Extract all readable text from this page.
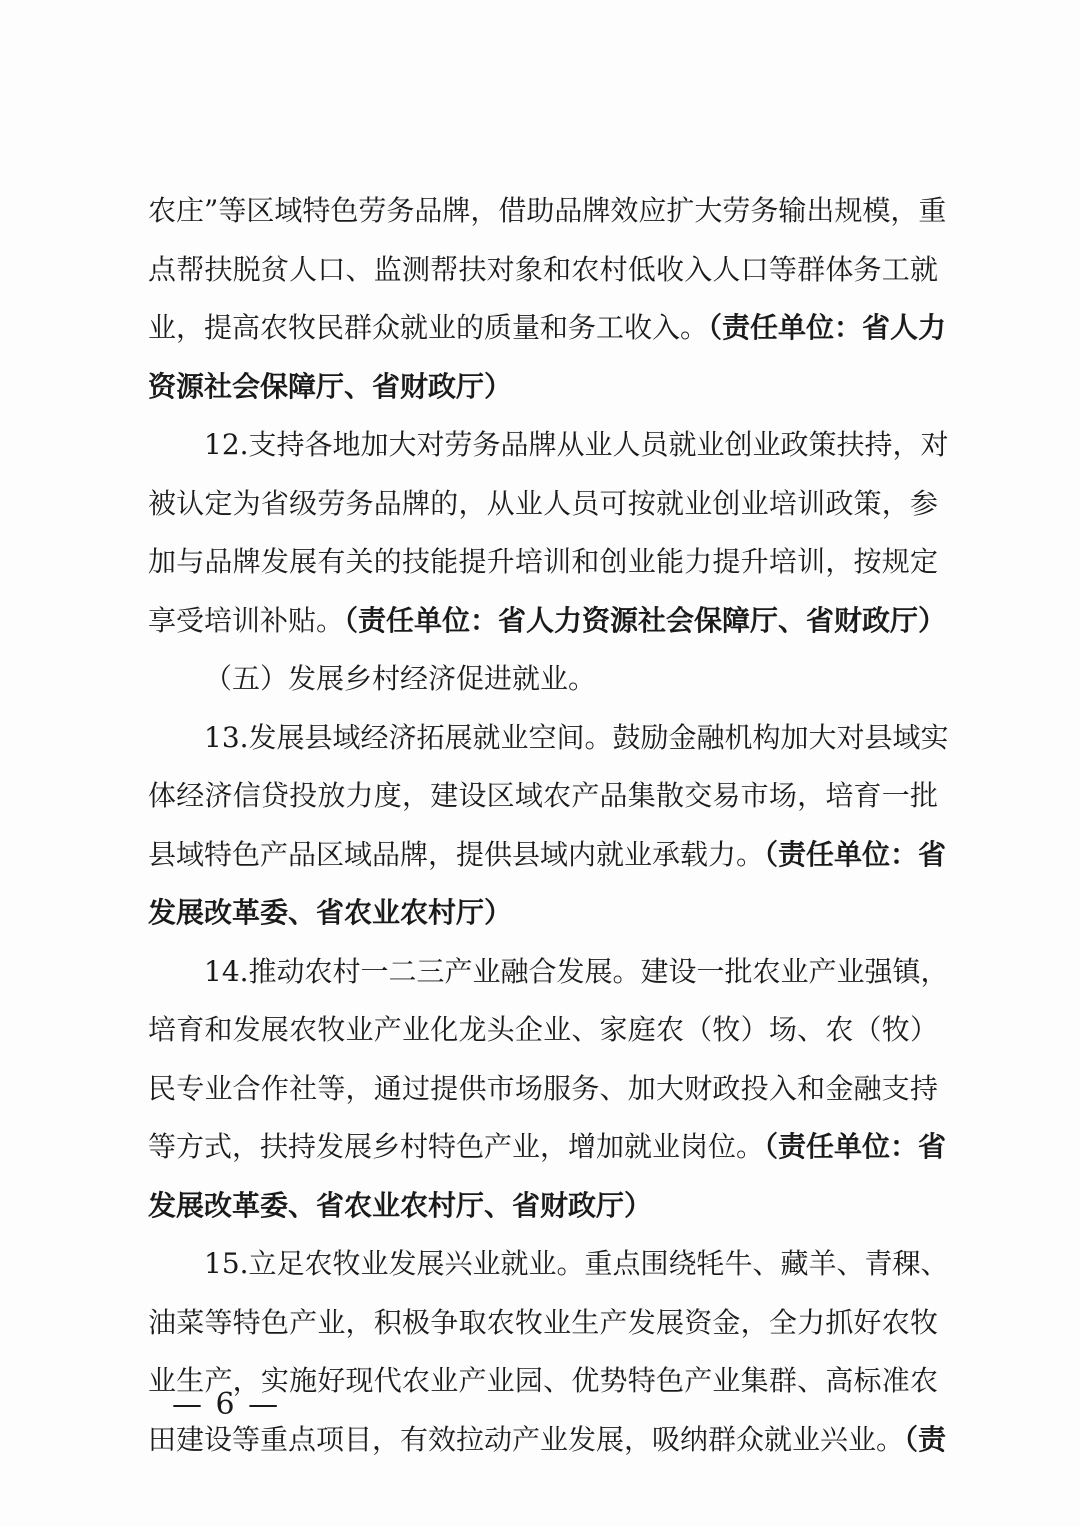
农庄”等区域特色劳务品牌，借助品牌效应扩大劳务输出规模，重
点帮扶脱贫人口、监测帮扶对象和农村低收入人口等群体务工就
业，提高农牧民群众就业的质量和务工收入。（责任单位：省人力
资源社会保障厅、省财政厅）
12.支持各地加大对劳务品牌从业人员就业创业政策扶持，对
被认定为省级劳务品牌的，从业人员可按就业创业培训政策，参
加与品牌发展有关的技能提升培训和创业能力提升培训，按规定
享受培训补贴。（责任单位：省人力资源社会保障厅、省财政厅）
（五）发展乡村经济促进就业。
13.发展县域经济拓展就业空间。鼓励金融机构加大对县域实
体经济信贷投放力度，建设区域农产品集散交易市场，培育一批
县域特色产品区域品牌，提供县域内就业承载力。（责任单位：省
发展改革委、省农业农村厅）
14.推动农村一二三产业融合发展。建设一批农业产业强镇，
培育和发展农牧业产业化龙头企业、家庭农（牧）场、农（牧）
民专业合作社等，通过提供市场服务、加大财政投入和金融支持
等方式，扶持发展乡村特色产业，增加就业岗位。（责任单位：省
发展改革委、省农业农村厅、省财政厅）
15.立足农牧业发展兴业就业。重点围绕牦牛、藏羊、青稞、
油菜等特色产业，积极争取农牧业生产发展资金，全力抓好农牧
业生产，实施好现代农业产业园、优势特色产业集群、高标准农
田建设等重点项目，有效拉动产业发展，吸纳群众就业兴业。（责
— 6 —
